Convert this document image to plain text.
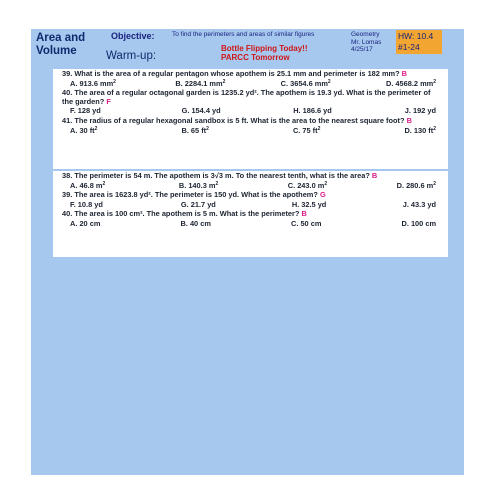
Area and
Volume
Objective:	To find the perimeters and areas of similar figures
Warm-up:
Bottle Flipping Today!!
PARCC Tomorrow
Geometry
Mr. Lomas
4/25/17
HW: 10.4
#1-24
39. What is the area of a regular pentagon whose apothem is 25.1 mm and perimeter is 182 mm? B
A. 913.6 $mm^2$	B. 2284.1 $mm^2$	C. 3654.6 $mm^2$	D. 4568.2 $mm^2$
40. The area of a regular octagonal garden is 1235.2 yd². The apothem is 19.3 yd. What is the perimeter of the garden? F
F. 128 yd	G. 154.4 yd	H. 186.6 yd	J. 192 yd
41. The radius of a regular hexagonal sandbox is 5 ft. What is the area to the nearest square foot? B
A. 30 $ft^2$	B. 65 $ft^2$	C. 75 $ft^2$	D. 130 $ft^2$
38. The perimeter is 54 m. The apothem is 3√3 m. To the nearest tenth, what is the area? B
A. 46.8 $m^2$	B. 140.3 $m^2$	C. 243.0 $m^2$	D. 280.6 $m^2$
39. The area is 1623.8 yd². The perimeter is 150 yd. What is the apothem? G
F. 10.8 yd	G. 21.7 yd	H. 32.5 yd	J. 43.3 yd
40. The area is 100 cm². The apothem is 5 m. What is the perimeter? B
A. 20 cm	B. 40 cm	C. 50 cm	D. 100 cm
